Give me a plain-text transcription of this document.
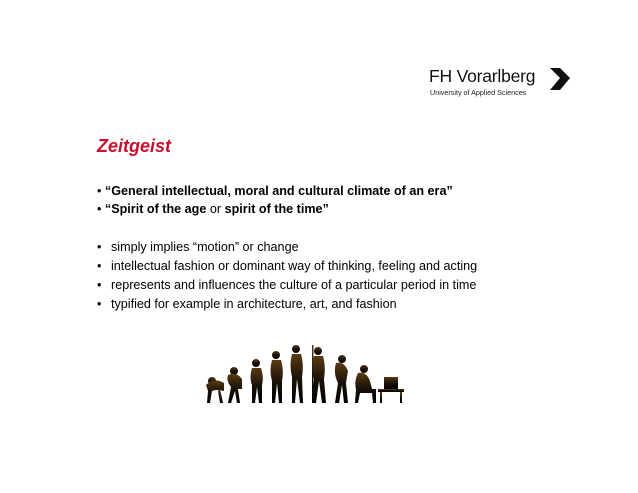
FH Vorarlberg
University of Applied Sciences
Zeitgeist
• “General intellectual, moral and cultural climate of an era”
• “Spirit of the age or spirit of the time”
• simply implies “motion” or change
• intellectual fashion or dominant way of thinking, feeling and acting
• represents and influences the culture of a particular period in time
• typified for example in architecture, art, and fashion
